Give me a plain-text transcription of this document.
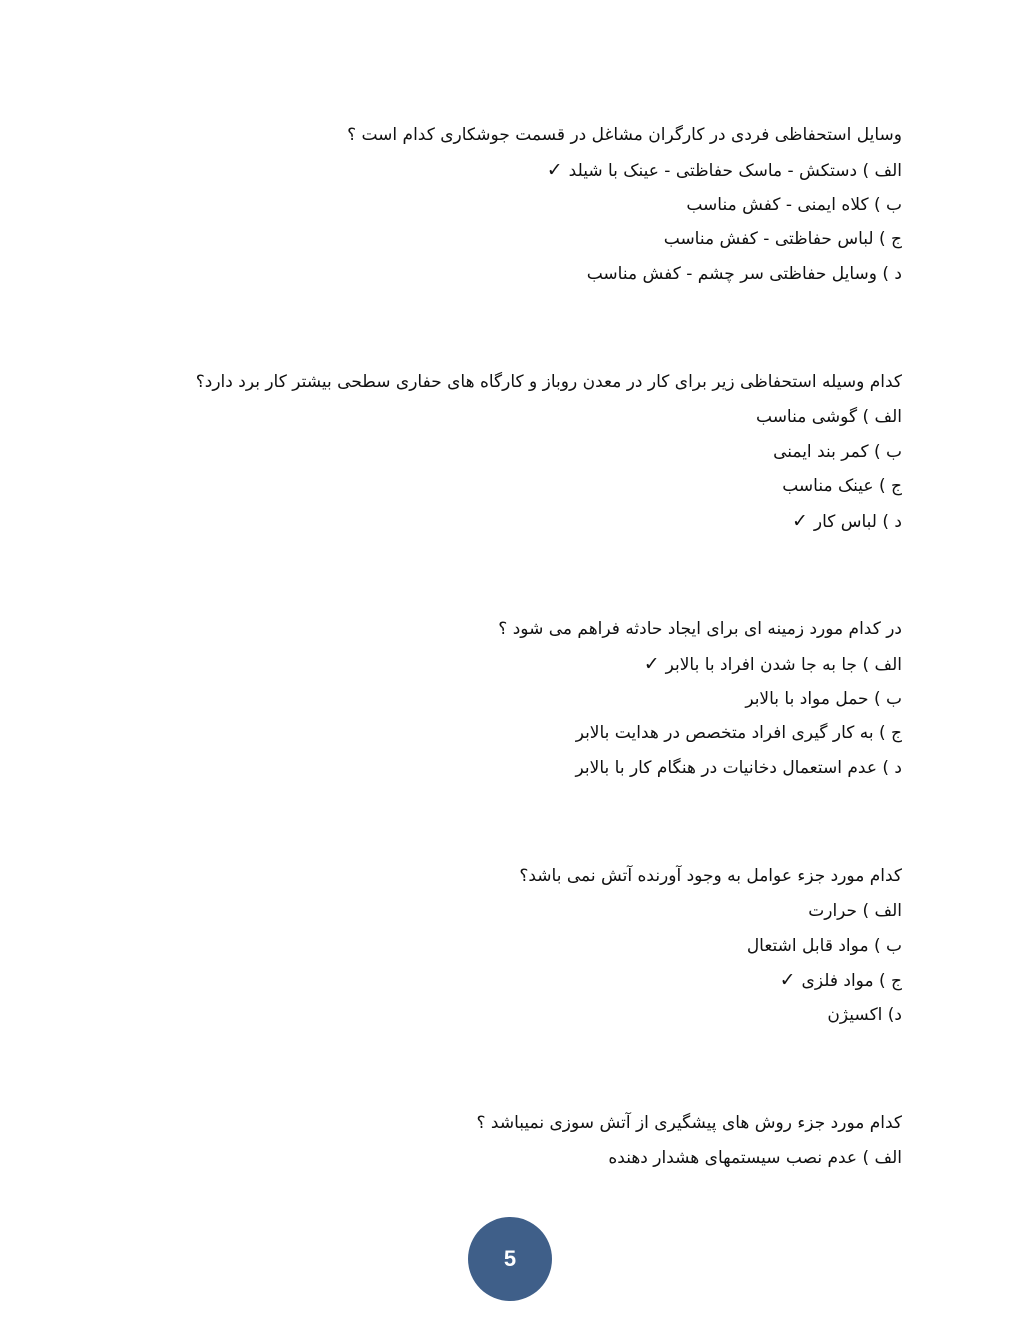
وسایل استحفاظی فردی در کارگران مشاغل در قسمت جوشکاری کدام است ؟
الف ) دستکش - ماسک حفاظتی - عینک با شیلد✓
ب ) کلاه ایمنی - کفش مناسب
ج ) لباس حفاظتی - کفش مناسب
د ) وسایل حفاظتی سر چشم - کفش مناسب
کدام وسیله استحفاظی زیر برای کار در معدن روباز و کارگاه های حفاری سطحی بیشتر کار برد دارد؟
الف ) گوشی مناسب
ب ) کمر بند ایمنی
ج ) عینک مناسب
د ) لباس کار✓
در کدام مورد زمینه ای برای ایجاد حادثه فراهم می شود ؟
الف ) جا به جا شدن افراد با بالابر✓
ب ) حمل مواد با بالابر
ج ) به کار گیری افراد متخصص در هدایت بالابر
د ) عدم استعمال دخانیات در هنگام کار با بالابر
کدام مورد جزء عوامل به وجود آورنده آتش نمی باشد؟
الف ) حرارت
ب ) مواد قابل اشتعال
ج ) مواد فلزی✓
د) اکسیژن
کدام مورد جزء روش های پیشگیری از آتش سوزی نمیباشد ؟
الف ) عدم نصب سیستمهای هشدار دهنده
5
